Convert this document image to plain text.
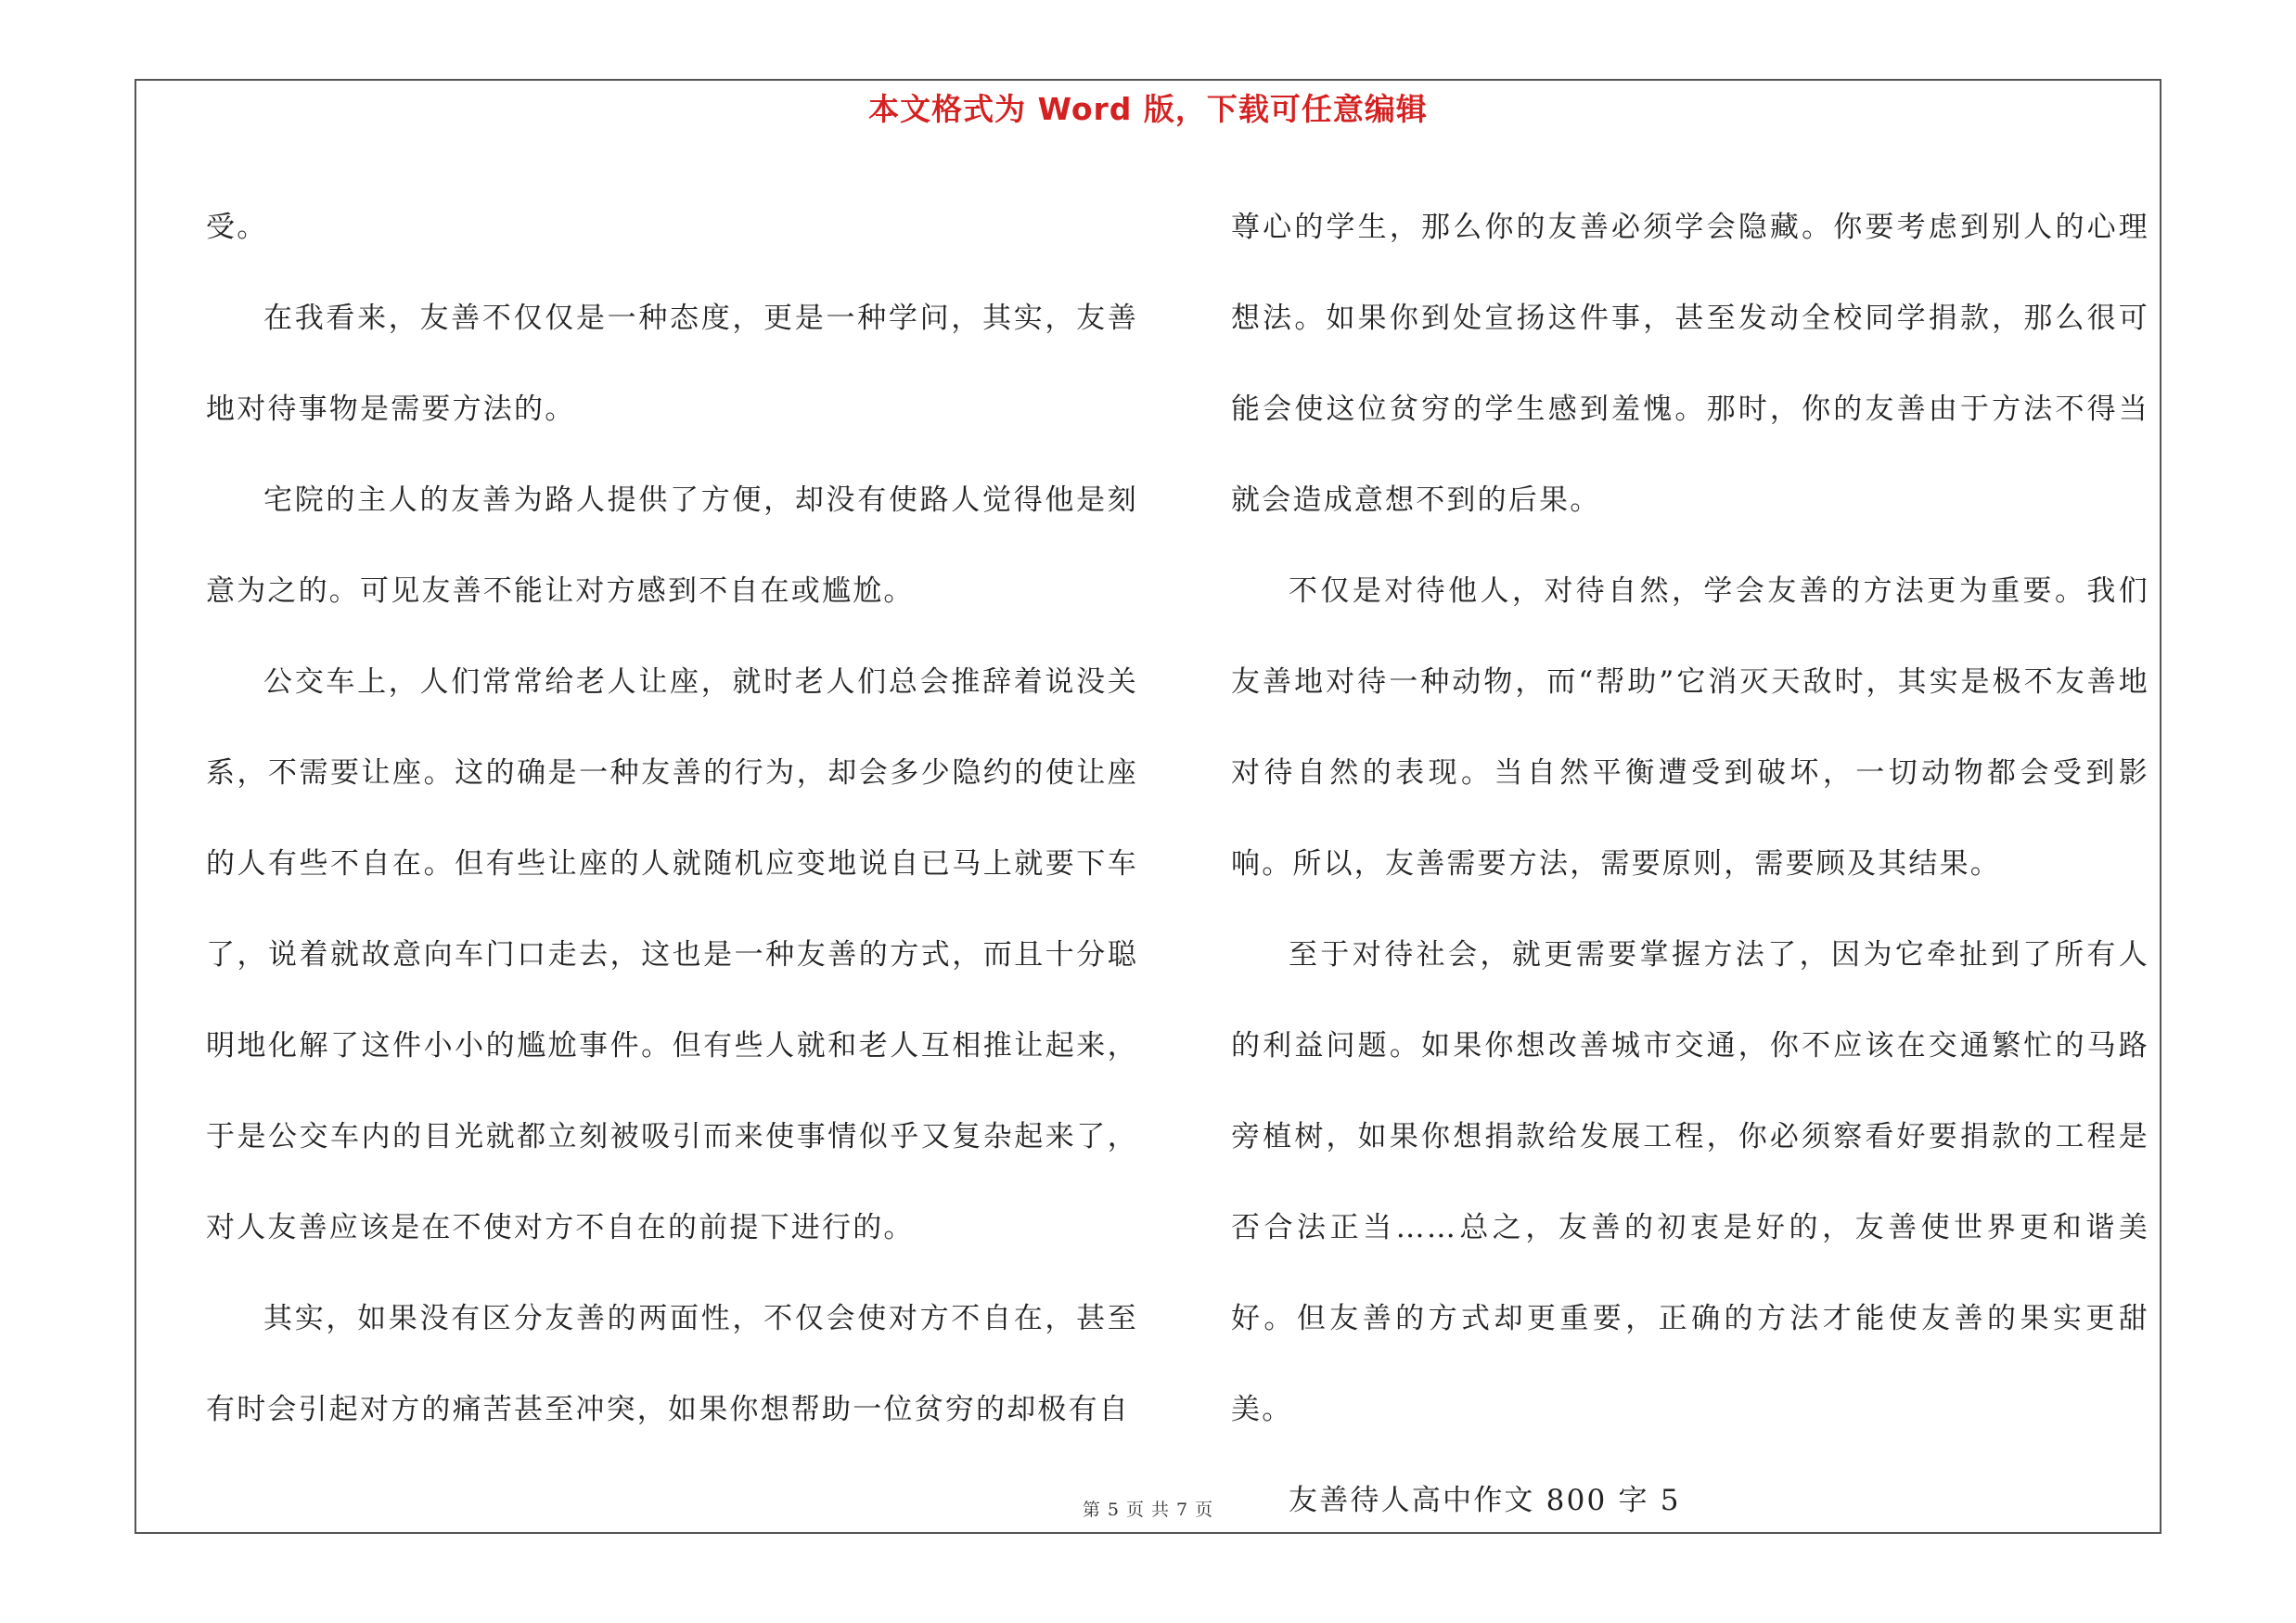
本文格式为 Word 版，下载可任意编辑

受。

在我看来，友善不仅仅是一种态度，更是一种学问，其实，友善地对待事物是需要方法的。

宅院的主人的友善为路人提供了方便，却没有使路人觉得他是刻意为之的。可见友善不能让对方感到不自在或尴尬。

公交车上，人们常常给老人让座，就时老人们总会推辞着说没关系，不需要让座。这的确是一种友善的行为，却会多少隐约的使让座的人有些不自在。但有些让座的人就随机应变地说自已马上就要下车了，说着就故意向车门口走去，这也是一种友善的方式，而且十分聪明地化解了这件小小的尴尬事件。但有些人就和老人互相推让起来，于是公交车内的目光就都立刻被吸引而来使事情似乎又复杂起来了，对人友善应该是在不使对方不自在的前提下进行的。

其实，如果没有区分友善的两面性，不仅会使对方不自在，甚至有时会引起对方的痛苦甚至冲突，如果你想帮助一位贫穷的却极有自

尊心的学生，那么你的友善必须学会隐藏。你要考虑到别人的心理想法。如果你到处宣扬这件事，甚至发动全校同学捐款，那么很可能会使这位贫穷的学生感到羞愧。那时，你的友善由于方法不得当就会造成意想不到的后果。

不仅是对待他人，对待自然，学会友善的方法更为重要。我们友善地对待一种动物，而“帮助”它消灭天敌时，其实是极不友善地对待自然的表现。当自然平衡遭受到破坏，一切动物都会受到影响。所以，友善需要方法，需要原则，需要顾及其结果。

至于对待社会，就更需要掌握方法了，因为它牵扯到了所有人的利益问题。如果你想改善城市交通，你不应该在交通繁忙的马路旁植树，如果你想捐款给发展工程，你必须察看好要捐款的工程是否合法正当……总之，友善的初衷是好的，友善使世界更和谐美好。但友善的方式却更重要，正确的方法才能使友善的果实更甜美。

友善待人高中作文 800 字 5

第 5 页 共 7 页
